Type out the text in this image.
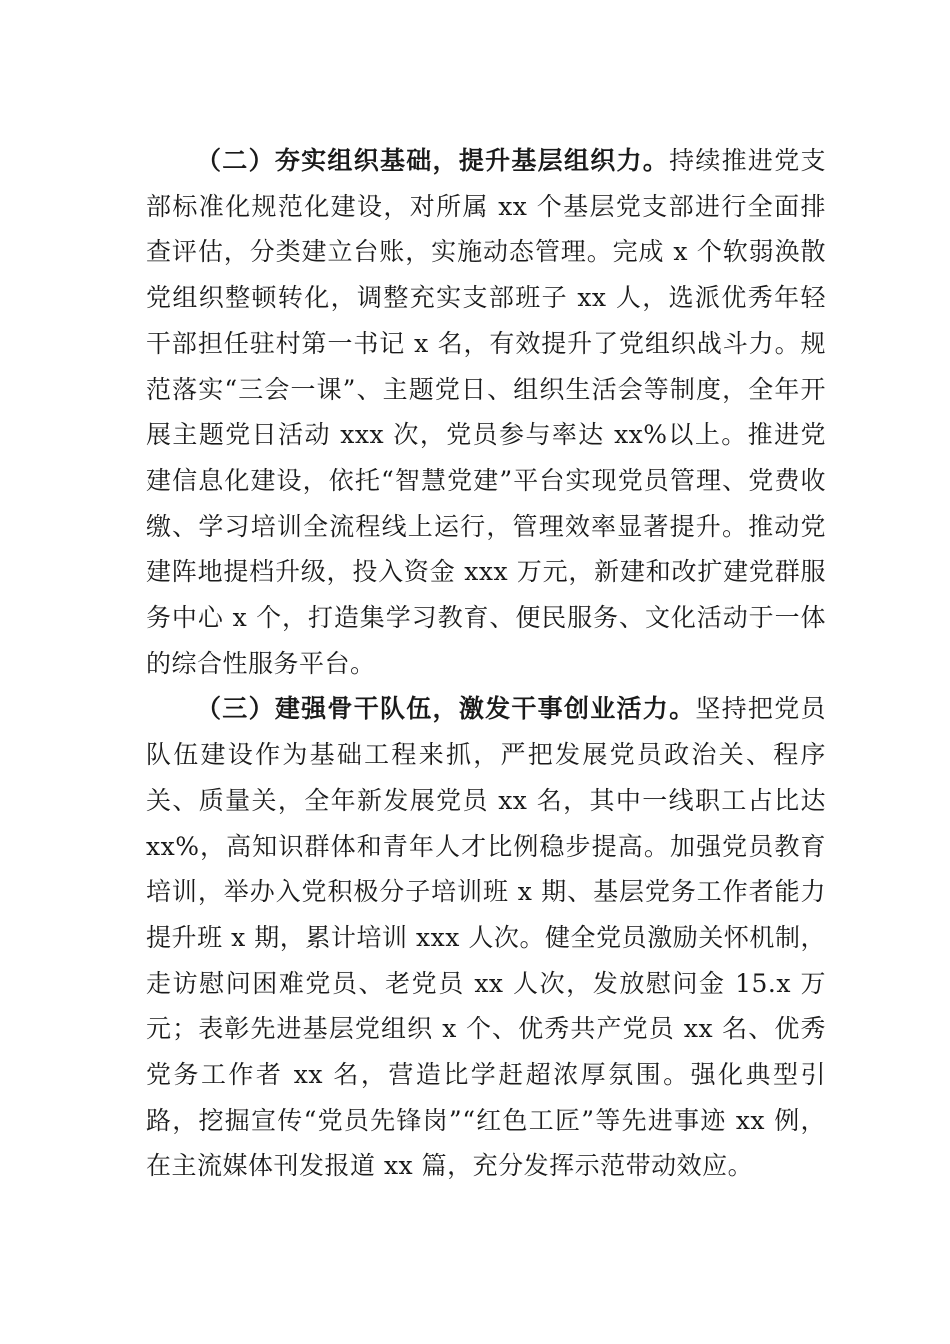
（二）夯实组织基础，提升基层组织力。持续推进党支部标准化规范化建设，对所属 xx 个基层党支部进行全面排查评估，分类建立台账，实施动态管理。完成 x 个软弱涣散党组织整顿转化，调整充实支部班子 xx 人，选派优秀年轻干部担任驻村第一书记 x 名，有效提升了党组织战斗力。规范落实“三会一课”、主题党日、组织生活会等制度，全年开展主题党日活动 xxx 次，党员参与率达 xx%以上。推进党建信息化建设，依托“智慧党建”平台实现党员管理、党费收缴、学习培训全流程线上运行，管理效率显著提升。推动党建阵地提档升级，投入资金 xxx 万元，新建和改扩建党群服务中心 x 个，打造集学习教育、便民服务、文化活动于一体的综合性服务平台。

（三）建强骨干队伍，激发干事创业活力。坚持把党员队伍建设作为基础工程来抓，严把发展党员政治关、程序关、质量关，全年新发展党员 xx 名，其中一线职工占比达 xx%，高知识群体和青年人才比例稳步提高。加强党员教育培训，举办入党积极分子培训班 x 期、基层党务工作者能力提升班 x 期，累计培训 xxx 人次。健全党员激励关怀机制，走访慰问困难党员、老党员 xx 人次，发放慰问金 15.x 万元；表彰先进基层党组织 x 个、优秀共产党员 xx 名、优秀党务工作者 xx 名，营造比学赶超浓厚氛围。强化典型引路，挖掘宣传“党员先锋岗”“红色工匠”等先进事迹 xx 例，在主流媒体刊发报道 xx 篇，充分发挥示范带动效应。
